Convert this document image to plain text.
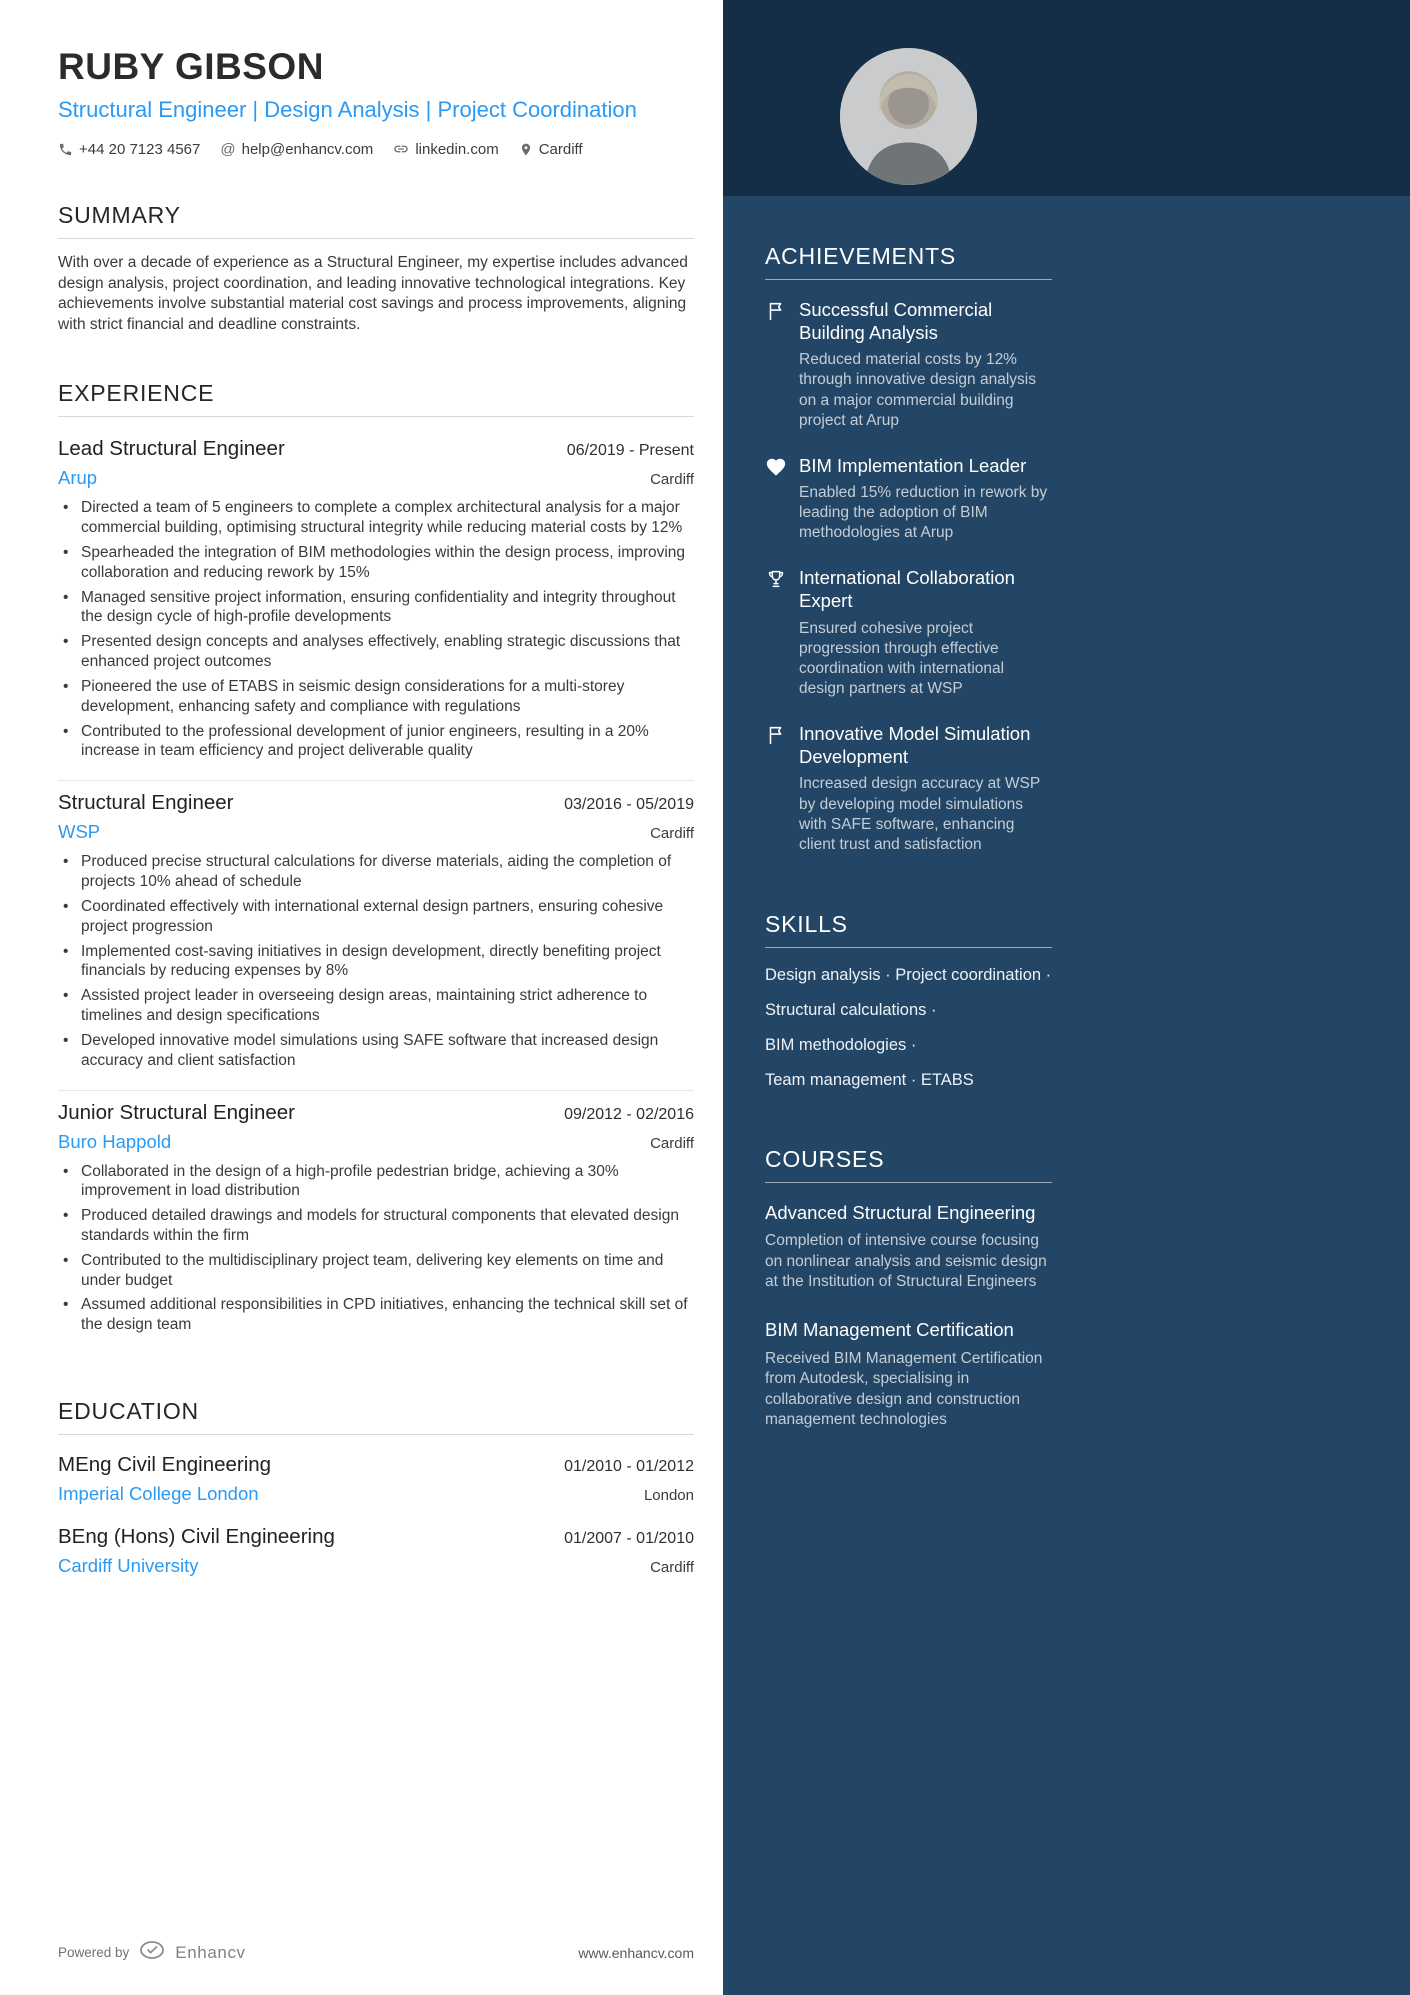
RUBY GIBSON
Structural Engineer | Design Analysis | Project Coordination
+44 20 7123 4567 @ help@enhancv.com	linkedin.com	Cardiff
SUMMARY

With over a decade of experience as a Structural Engineer, my expertise includes advanced design analysis, project coordination, and leading innovative technological integrations. Key achievements involve substantial material cost savings and process improvements, aligning with strict financial and deadline constraints.

EXPERIENCE
Lead Structural Engineer	06/2019 - Present
Arup	Cardiff
• Directed a team of 5 engineers to complete a complex architectural analysis for a major commercial building, optimising structural integrity while reducing material costs by 12%
• Spearheaded the integration of BIM methodologies within the design process, improving collaboration and reducing rework by 15%
• Managed sensitive project information, ensuring confidentiality and integrity throughout the design cycle of high-profile developments
• Presented design concepts and analyses effectively, enabling strategic discussions that enhanced project outcomes
• Pioneered the use of ETABS in seismic design considerations for a multi-storey development, enhancing safety and compliance with regulations
• Contributed to the professional development of junior engineers, resulting in a 20% increase in team efficiency and project deliverable quality
Structural Engineer	03/2016 - 05/2019
WSP	Cardiff
• Produced precise structural calculations for diverse materials, aiding the completion of projects 10% ahead of schedule
• Coordinated effectively with international external design partners, ensuring cohesive project progression
• Implemented cost-saving initiatives in design development, directly benefiting project financials by reducing expenses by 8%
• Assisted project leader in overseeing design areas, maintaining strict adherence to timelines and design specifications
• Developed innovative model simulations using SAFE software that increased design accuracy and client satisfaction
Junior Structural Engineer	09/2012 - 02/2016
Buro Happold	Cardiff
• Collaborated in the design of a high-profile pedestrian bridge, achieving a 30% improvement in load distribution
• Produced detailed drawings and models for structural components that elevated design standards within the firm
• Contributed to the multidisciplinary project team, delivering key elements on time and under budget
• Assumed additional responsibilities in CPD initiatives, enhancing the technical skill set of the design team
EDUCATION
MEng Civil Engineering	01/2010 - 01/2012
Imperial College London	London
BEng (Hons) Civil Engineering	01/2007 - 01/2010
Cardiff University	Cardiff
Powered by	Enhancv	www.enhancv.com
ACHIEVEMENTS
Successful Commercial Building Analysis
Reduced material costs by 12% through innovative design analysis on a major commercial building project at Arup
BIM Implementation Leader
Enabled 15% reduction in rework by leading the adoption of BIM methodologies at Arup
International Collaboration Expert
Ensured cohesive project progression through effective coordination with international design partners at WSP
Innovative Model Simulation Development
Increased design accuracy at WSP by developing model simulations with SAFE software, enhancing client trust and satisfaction
SKILLS
Design analysis · Project coordination ·
Structural calculations ·
BIM methodologies ·
Team management · ETABS
COURSES
Advanced Structural Engineering
Completion of intensive course focusing on nonlinear analysis and seismic design at the Institution of Structural Engineers
BIM Management Certification
Received BIM Management Certification from Autodesk, specialising in collaborative design and construction management technologies
